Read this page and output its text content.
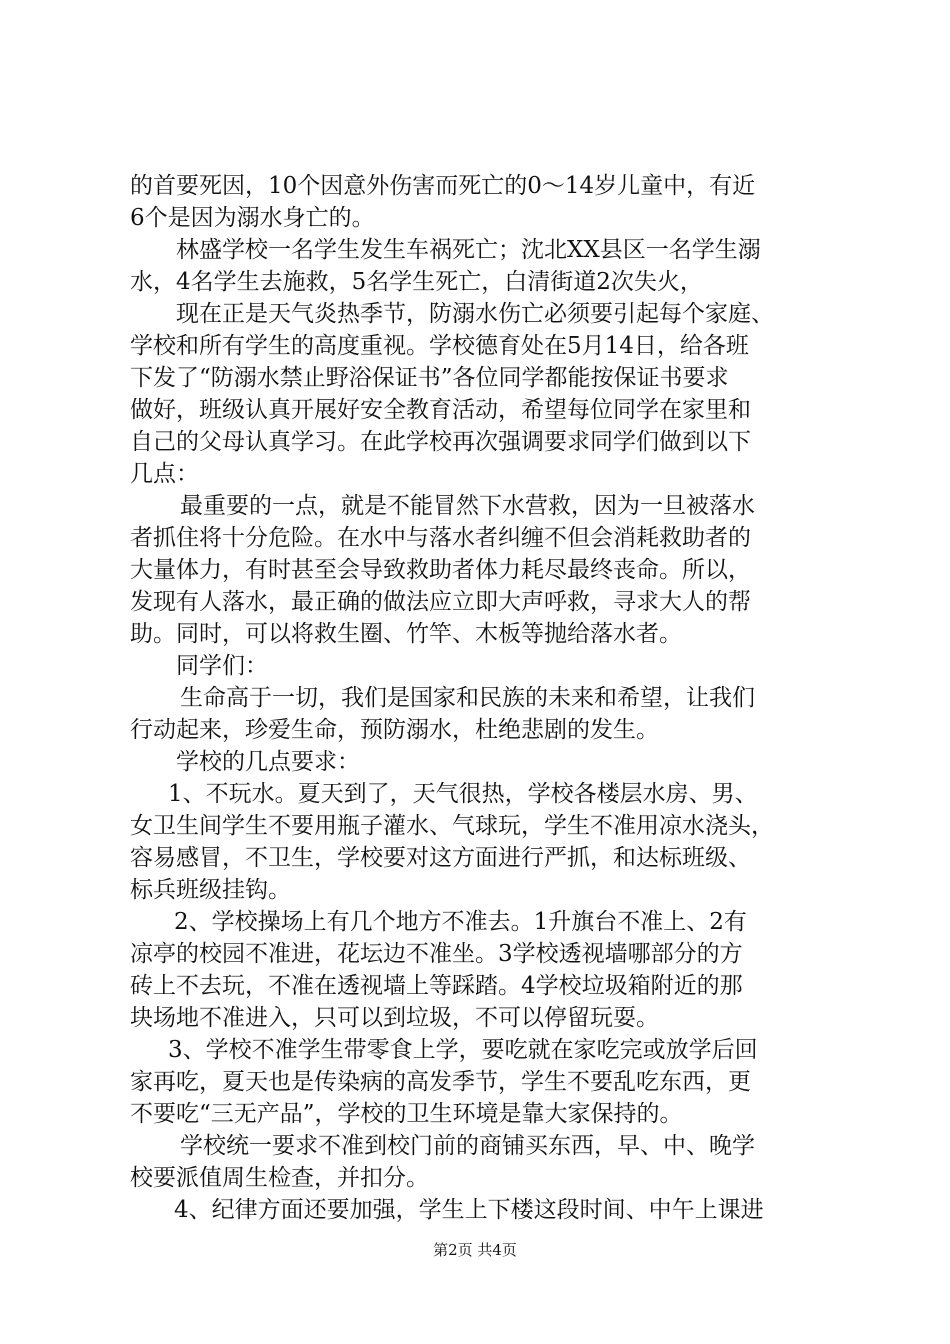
的首要死因，10个因意外伤害而死亡的0～14岁儿童中，有近
6个是因为溺水身亡的。
林盛学校一名学生发生车祸死亡；沈北XX县区一名学生溺
水，4名学生去施救，5名学生死亡，白清街道2次失火，
现在正是天气炎热季节，防溺水伤亡必须要引起每个家庭、
学校和所有学生的高度重视。学校德育处在5月14日，给各班
下发了“防溺水禁止野浴保证书”各位同学都能按保证书要求
做好，班级认真开展好安全教育活动，希望每位同学在家里和
自己的父母认真学习。在此学校再次强调要求同学们做到以下
几点：
最重要的一点，就是不能冒然下水营救，因为一旦被落水
者抓住将十分危险。在水中与落水者纠缠不但会消耗救助者的
大量体力，有时甚至会导致救助者体力耗尽最终丧命。所以，
发现有人落水，最正确的做法应立即大声呼救，寻求大人的帮
助。同时，可以将救生圈、竹竿、木板等抛给落水者。
同学们：
生命高于一切，我们是国家和民族的未来和希望，让我们
行动起来，珍爱生命，预防溺水，杜绝悲剧的发生。
学校的几点要求：
1、不玩水。夏天到了，天气很热，学校各楼层水房、男、
女卫生间学生不要用瓶子灌水、气球玩，学生不准用凉水浇头，
容易感冒，不卫生，学校要对这方面进行严抓，和达标班级、
标兵班级挂钩。
2、学校操场上有几个地方不准去。1升旗台不准上、2有
凉亭的校园不准进，花坛边不准坐。3学校透视墙哪部分的方
砖上不去玩，不准在透视墙上等踩踏。4学校垃圾箱附近的那
块场地不准进入，只可以到垃圾，不可以停留玩耍。
3、学校不准学生带零食上学，要吃就在家吃完或放学后回
家再吃，夏天也是传染病的高发季节，学生不要乱吃东西，更
不要吃“三无产品”，学校的卫生环境是靠大家保持的。
学校统一要求不准到校门前的商铺买东西，早、中、晚学
校要派值周生检查，并扣分。
4、纪律方面还要加强，学生上下楼这段时间、中午上课进
第2页 共4页
